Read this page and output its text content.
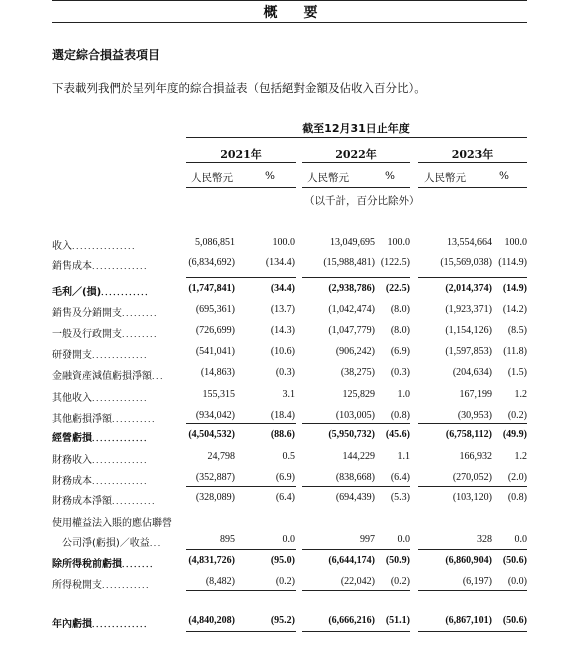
概　要
選定綜合損益表項目
下表載列我們於呈列年度的綜合損益表（包括絕對金額及佔收入百分比）。
截至12月31日止年度
2021年	2022年	2023年
人民幣元	%	人民幣元	%	人民幣元	%
（以千計，百分比除外）
收入．．．．．．．．．．．．．．．．	5,086,851	100.0	13,049,695	100.0	13,554,664	100.0
銷售成本．．．．．．．．．．．．．．	(6,834,692)	(134.4)	(15,988,481) (122.5)	(15,569,038) (114.9)
毛利／(損)．．．．．．．．．．．．	(1,747,841)	(34.4)	(2,938,786)	(22.5)	(2,014,374)	(14.9)
銷售及分銷開支．．．．．．．．．	(695,361)	(13.7)	(1,042,474)	(8.0)	(1,923,371)	(14.2)
一般及行政開支．．．．．．．．．	(726,699)	(14.3)	(1,047,779)	(8.0)	(1,154,126)	(8.5)
研發開支．．．．．．．．．．．．．．	(541,041)	(10.6)	(906,242)	(6.9)	(1,597,853)	(11.8)
金融資產減值虧損淨額．．．	(14,863)	(0.3)	(38,275)	(0.3)	(204,634)	(1.5)
其他收入．．．．．．．．．．．．．．	155,315	3.1	125,829	1.0	167,199	1.2
其他虧損淨額．．．．．．．．．．．	(934,042)	(18.4)	(103,005)	(0.8)	(30,953)	(0.2)
經營虧損．．．．．．．．．．．．．．	(4,504,532)	(88.6)	(5,950,732)	(45.6)	(6,758,112)	(49.9)
財務收入．．．．．．．．．．．．．．	24,798	0.5	144,229	1.1	166,932	1.2
財務成本．．．．．．．．．．．．．．	(352,887)	(6.9)	(838,668)	(6.4)	(270,052)	(2.0)
財務成本淨額．．．．．．．．．．．	(328,089)	(6.4)	(694,439)	(5.3)	(103,120)	(0.8)
使用權益法入賬的應佔聯營
　公司淨(虧損)／收益．．．	895	0.0	997	0.0	328	0.0
除所得稅前虧損．．．．．．．．	(4,831,726)	(95.0)	(6,644,174)	(50.9)	(6,860,904)	(50.6)
所得稅開支．．．．．．．．．．．．	(8,482)	(0.2)	(22,042)	(0.2)	(6,197)	(0.0)
年內虧損．．．．．．．．．．．．．．	(4,840,208)	(95.2)	(6,666,216)	(51.1)	(6,867,101)	(50.6)
